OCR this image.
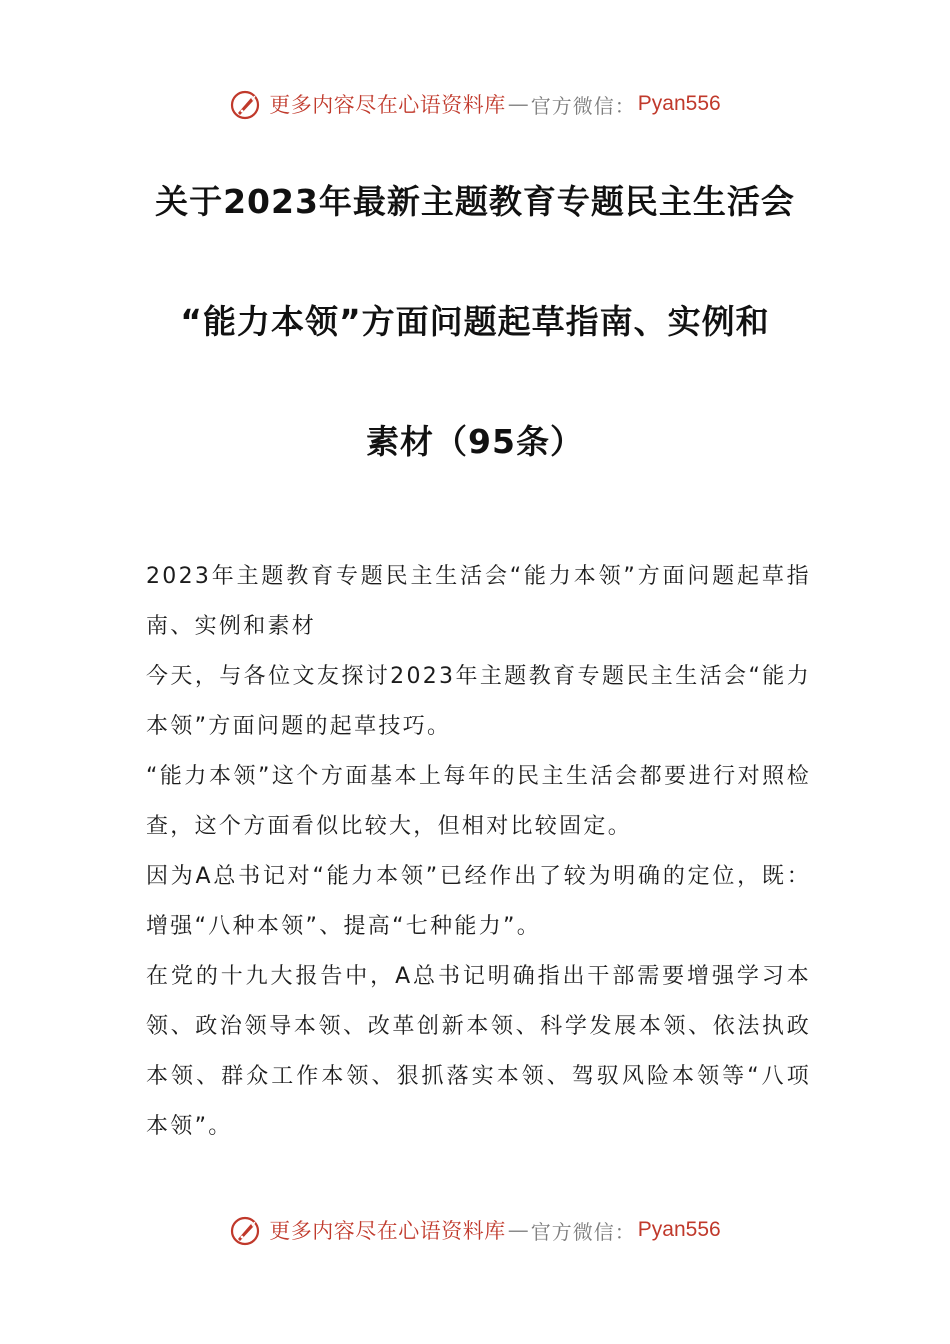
更多内容尽在心语资料库 — 官方微信： Pyan556
关于2023年最新主题教育专题民主生活会
“能力本领”方面问题起草指南、实例和
素材（95条）

2023年主题教育专题民主生活会“能力本领”方面问题起草指南、实例和素材

今天，与各位文友探讨2023年主题教育专题民主生活会“能力本领”方面问题的起草技巧。

“能力本领”这个方面基本上每年的民主生活会都要进行对照检查，这个方面看似比较大，但相对比较固定。

因为A总书记对“能力本领”已经作出了较为明确的定位，既：增强“八种本领”、提高“七种能力”。

在党的十九大报告中，A总书记明确指出干部需要增强学习本领、政治领导本领、改革创新本领、科学发展本领、依法执政本领、群众工作本领、狠抓落实本领、驾驭风险本领等“八项本领”。

更多内容尽在心语资料库 — 官方微信： Pyan556
